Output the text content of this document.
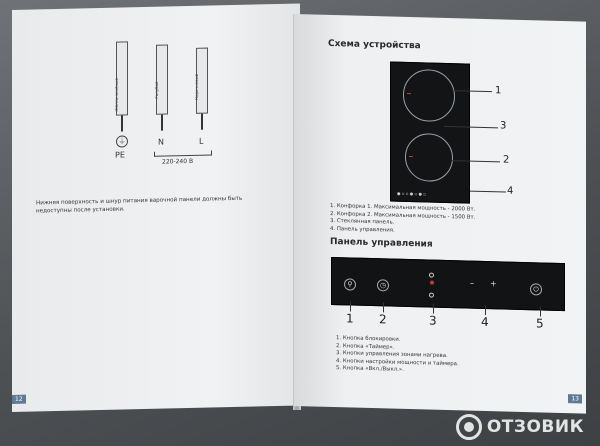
Жёлто-зелёный
⏚
PE
Голубой
N
Коричневый
L
220-240 В
Нижняя поверхность и шнур питания варочной панели должны быть недоступны после установки.
12
Схема устройства
● ▫ ▫ ● ▫ ● ▫
1
3
2
4
1. Конфорка 1. Максимальная мощность - 2000 Вт.
2. Конфорка 2. Максимальная мощность - 1500 Вт.
3. Стеклянная панель.
4. Панель управления.
Панель управления
⚲	◷	– +
⏻
1 2	3	4	5
1. Кнопка блокировки.
2. Кнопка «Таймер».
3. Кнопки управления зонами нагрева.
4. Кнопки настройки мощности и таймера.
5. Кнопка «Вкл./Выкл.».
13
ОТЗОВИК
